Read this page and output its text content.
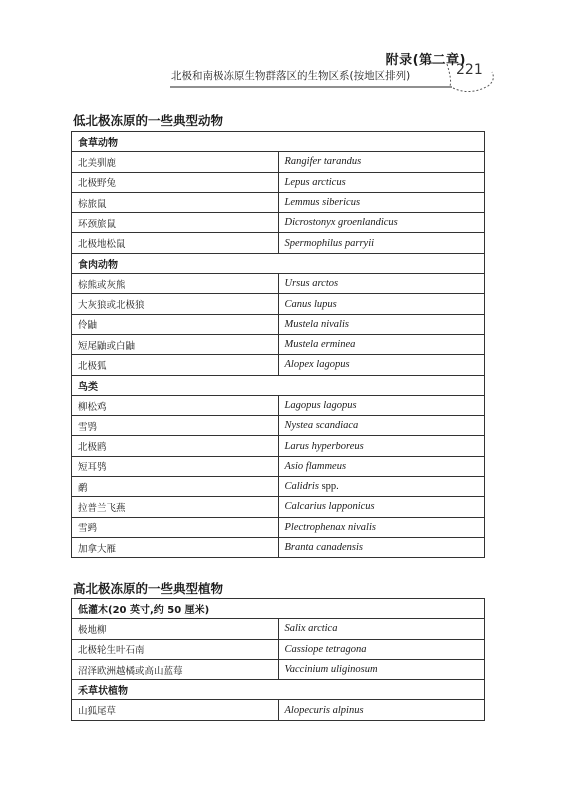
附录(第二章)
北极和南极冻原生物群落区的生物区系(按地区排列)	221
低北极冻原的一些典型动物
食草动物	
北美驯鹿	Rangifer tarandus
北极野兔	Lepus arcticus
棕旅鼠	Lemmus sibericus
环颈旅鼠	Dicrostonyx groenlandicus
北极地松鼠	Spermophilus parryii
食肉动物	
棕熊或灰熊	Ursus arctos
大灰狼或北极狼	Canus lupus
伶鼬	Mustela nivalis
短尾鼬或白鼬	Mustela erminea
北极狐	Alopex lagopus
鸟类	
柳松鸡	Lagopus lagopus
雪鸮	Nystea scandiaca
北极鸥	Larus hyperboreus
短耳鸮	Asio flammeus
鹬	Calidris spp.
拉普兰飞燕	Calcarius lapponicus
雪鹀	Plectrophenax nivalis
加拿大雁	Branta canadensis
高北极冻原的一些典型植物
低灌木(20 英寸,约 50 厘米)	
极地柳	Salix arctica
北极轮生叶石南	Cassiope tetragona
沼泽欧洲越橘或高山蓝莓	Vaccinium uliginosum
禾草状植物	
山狐尾草	Alopecuris alpinus
